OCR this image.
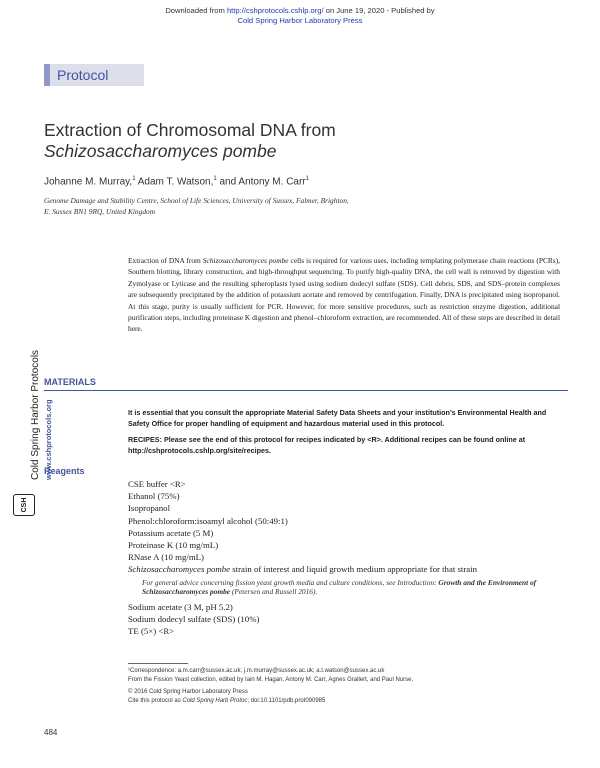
Downloaded from http://cshprotocols.cshlp.org/ on June 19, 2020 - Published by
Cold Spring Harbor Laboratory Press
Protocol
Extraction of Chromosomal DNA from
Schizosaccharomyces pombe
Johanne M. Murray,$^1$ Adam T. Watson,$^1$ and Antony M. Carr$^1$
Genome Damage and Stability Centre, School of Life Sciences, University of Sussex, Falmer, Brighton,
E. Sussex BN1 9RQ, United Kingdom

Extraction of DNA from Schizosaccharomyces pombe cells is required for various uses, including templating polymerase chain reactions (PCRs), Southern blotting, library construction, and high-throughput sequencing. To purify high-quality DNA, the cell wall is removed by digestion with Zymolyase or Lyticase and the resulting spheroplasts lysed using sodium dodecyl sulfate (SDS). Cell debris, SDS, and SDS–protein complexes are subsequently precipitated by the addition of potassium acetate and removed by centrifugation. Finally, DNA is precipitated using isopropanol. At this stage, purity is usually sufficient for PCR. However, for more sensitive procedures, such as restriction enzyme digestion, additional purification steps, including proteinase K digestion and phenol–chloroform extraction, are recommended. All of these steps are described in detail here.

Cold Spring Harbor Protocols www.cshprotocols.org
CSH
MATERIALS

It is essential that you consult the appropriate Material Safety Data Sheets and your institution’s Environmental Health and Safety Office for proper handling of equipment and hazardous material used in this protocol.

RECIPES: Please see the end of this protocol for recipes indicated by <R>. Additional recipes can be found online at http://cshprotocols.cshlp.org/site/recipes.

Reagents
CSE buffer <R>
Ethanol (75%)
Isopropanol
Phenol:chloroform:isoamyl alcohol (50:49:1)
Potassium acetate (5 M)
Proteinase K (10 mg/mL)
RNase A (10 mg/mL)
Schizosaccharomyces pombe strain of interest and liquid growth medium appropriate for that strain
For general advice concerning fission yeast growth media and culture conditions, see Introduction: Growth and the Environment of Schizosaccharomyces pombe (Petersen and Russell 2016).
Sodium acetate (3 M, pH 5.2)
Sodium dodecyl sulfate (SDS) (10%)
TE (5×) <R>

¹Correspondence: a.m.carr@sussex.ac.uk; j.m.murray@sussex.ac.uk; a.t.watson@sussex.ac.uk

From the Fission Yeast collection, edited by Iain M. Hagan, Antony M. Carr, Agnes Grallert, and Paul Nurse.

© 2016 Cold Spring Harbor Laboratory Press

Cite this protocol as Cold Spring Harb Protoc; doi:10.1101/pdb.prot090985

484
